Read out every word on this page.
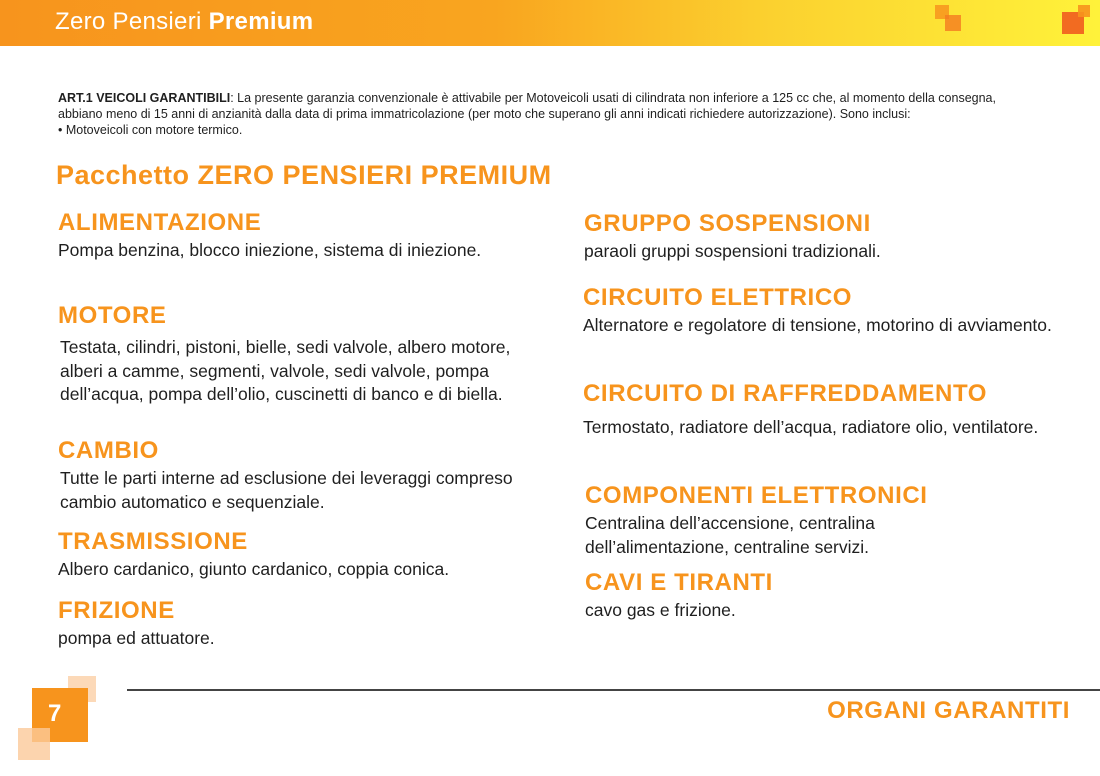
Zero Pensieri Premium
ART.1 VEICOLI GARANTIBILI: La presente garanzia convenzionale è attivabile per Motoveicoli usati di cilindrata non inferiore a 125 cc che, al momento della consegna, abbiano meno di 15 anni di anzianità dalla data di prima immatricolazione (per moto che superano gli anni indicati richiedere autorizzazione). Sono inclusi:
• Motoveicoli con motore termico.
Pacchetto ZERO PENSIERI PREMIUM
ALIMENTAZIONE

Pompa benzina, blocco iniezione, sistema di iniezione.

MOTORE

Testata, cilindri, pistoni, bielle, sedi valvole, albero motore, alberi a camme, segmenti, valvole, sedi valvole, pompa dell’acqua, pompa dell’olio, cuscinetti di banco e di biella.

CAMBIO

Tutte le parti interne ad esclusione dei leveraggi compreso cambio automatico e sequenziale.

TRASMISSIONE

Albero cardanico, giunto cardanico, coppia conica.

FRIZIONE

pompa ed attuatore.

GRUPPO SOSPENSIONI

paraoli gruppi sospensioni tradizionali.

CIRCUITO ELETTRICO

Alternatore e regolatore di tensione, motorino di avviamento.

CIRCUITO DI RAFFREDDAMENTO

Termostato, radiatore dell’acqua, radiatore olio, ventilatore.

COMPONENTI ELETTRONICI

Centralina dell’accensione, centralina dell’alimentazione, centraline servizi.

CAVI E TIRANTI

cavo gas e frizione.

7	ORGANI GARANTITI
